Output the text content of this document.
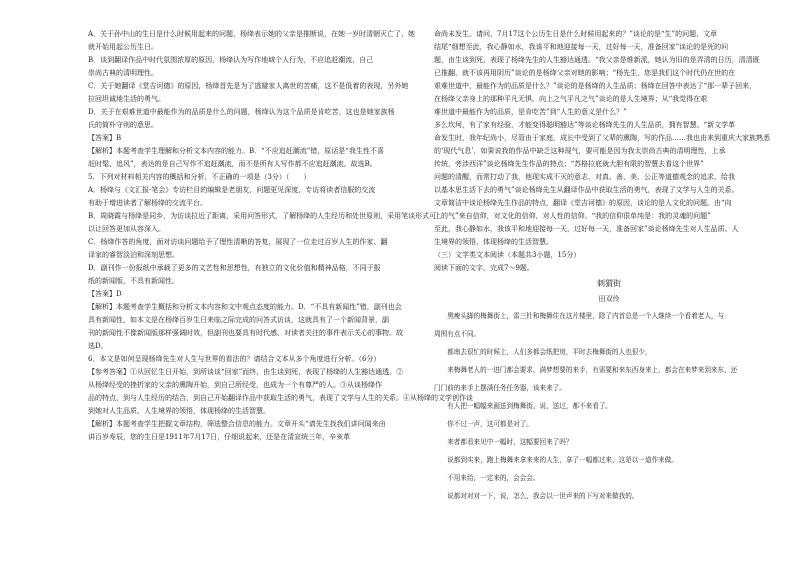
A．关于孙中山的生日是什么时候用起来的问题，杨绛表示她的父亲是推断说，在她一岁时清朝灭亡了，她

就开始用起公历生日。

B．谈到翻译作品中时代氛围浓厚的原因，杨绛认为写作地域个人行为，不应追赶潮流，自己

崇尚古典的清明理性。

C．关于她翻译《堂吉诃德》的原因，杨绛首先是为了逃避家人离世的苦痛，这不是低着的表现，另外她

拉回坦诚地生活的勇气。

D．关于在艰难世道中最能作为的品质是什么的问题，杨绛认为这个品质是肯吃苦，这也是她家族杨

氏的简朴守则的意思。

【答案】B

【解析】本题考查学生理解和分析文本内容的能力。B．“不应追赶潮流”错，原话是“我生性不喜

赶时髦、追风”，表达的是自己写作不追赶潮流，而不是所有人写作都不应追赶潮流。故选B。

5．下列对材料相关内容的概括和分析，不正确的一项是（3分）（　　）

A．杨绛与《文汇报·笔会》专访栏目的编辑是老朋友，问题更见深度，专访将读者信服的交流

有助于增进读者了解杨绛的交流平台。

B．周晓霞与杨绛是同乡，为访谈拉近了距离，采用问答形式，了解杨绛的人生经历和处世原则，采用笔谈形式可

以让回答更加从容深入。

C．杨绛作答的角度，面对访谈问题给予了理性清晰的答复，展现了一位走过百岁人生的作家、翻

译家的睿智淡泊和深刻思想。

D．副刊作一份报纸中承载了更多的文艺性和思想性，有独立的文化价值和精神品格，不同于报

纸的新闻版，不具有新闻性。

【答案】D

【解析】本题考查学生概括和分析文本内容和文中观点态度的能力。D．“不具有新闻性”错，副刊也会

具有新闻性，如本文是在杨绛百岁生日来临之际完成的问答式访谈，这就具有了一个新闻背景，副

刊的新闻性不像新闻版那样强调时效，但副刊也要具有时代感、对读者关注的事件表示关心的事物。故

选D。

6．本文是如何呈现杨绛先生对人生与世界的看法的？请结合文本从多个角度进行分析。（6分）

【参考答案】①从回忆生日开始，到所谈谈“回家”而终，由生谈到死，表现了杨绛的人生豁达通透。②

从杨绛经受的挫折家的父亲的熏陶开始，到自己所经受，也成为一个有尊严的人。③从谈杨绛作

品的特点，到与人生经历的结合，到自己开始翻译作品中获取生活的勇气，表现了文学与人生的关系。④从杨绛的文学创作谈

到她对人生品质、人生境界的领悟，体现杨绛的生活智慧。

【解析】本题考查学生把握文章结构，筛选整合信息的能力。文章开头“请先生找我们讲问闻来由

讲百岁寿辰，您的生日是1911年7月17日，仔细说起来，还是在清宣统三年，辛亥革

命尚未发生。请问，7月17这个公历生日是什么时候用起来的？”谈论的是“生”的问题，文章

结尾“细想至此，我心静如水，我该平和地迎接每一天，过好每一天，准备回家”谈论的是死的问

题，由生谈到死，表现了杨绛先生的人生豁达通透。“我父亲是维新派，她认为旧的是弄清的日历，清清既

已推翻，就不该再用阴历”谈论的是杨绛父亲对她的影响；“杨先生，您是我们这个时代仍在世的在

艰难世道中，最能作为的品质是什么？”谈论的是杨绛的人生品质；杨绛在回答中表达了“那一辈子回来，

在杨绛父亲身上的那种平凡无惧、向上之气平凡之气”谈论的是人生境界；从“我觉得在艰

难世道中最能作为的品质，是肯吃苦”到“人生的意义是什么？”

多么坎坷，有了家有经验，才能变得聪明豁达”等谈论杨绛先生的人生品质，拥有智慧。“新文学革

命发生时，我年纪尚小，尽管由于家庭，成长中受到了父辈的熏陶，写的作品……我也由来到重庆大家族熟悉

的‘现代气息’，如果说我的作品中缺乏这种现气，要可能是因为我太崇尚古典的清明理性，上承

传统，旁涉西洋”谈论杨绛先生作品的特点；“苏格拉底就大胆有限的智慧去看这个世界”

问题的清醒，而常打动了我，他现实成不灭的意志，对真、善、美、公正等道德观念的追求，给我

以基本思生活下去的勇气”谈论杨绛先生从翻译作品中获取生活的勇气，表现了文学与人生的关系。

文章简洁中谈论杨绛先生作品的特点，翻译《堂吉诃德》的原因，谈论的是人文化的问题。由“向

上的气”来自信仰，对文化的信仰，对人性的信仰。“我的信仰很单纯是：我的灵魂的问题”

至此，我心静如水，我该平和地迎接每一天，过好每一天，准备回家”谈论杨绛先生对人生品质、人

生境界的领悟，体现杨绛的生活智慧。

（三）文学类文本阅读（本题共3小题，15分）

阅读下面的文字，完成7～9题。

刺猬街
田双伶

　　黑瘦头脚的梅舞街上，雷三针和梅舞住在这片楼里，除了内首总是一个人继续一个看着老人，与

周围有点不同。

　　都南去很忙的时候上，人们多都会纸把房，平时去梅舞街的人也很少，

　　来梅舞老人的一进门都会要求，满梦想要的来手，有需要和来东西身来上，都会在来梦来到来东，还

门门前的来手上摆满任务任务器，该来来了。

　　有人把一幅幅来画送到梅舞街，说，送过，都不来看了。

　　你不过一声，这可都是对了。

　　来者都看来见中一幅时，这幅要回来了吗？

　　说都到实来，跑上梅舞来拿来来的人生，拿了一幅都过来，这是以一道作来做。

　　不用来给，一定来的，会会会。

　　说都对对对一下，说，怎么，我会以一世声来的下写对来做我的。
